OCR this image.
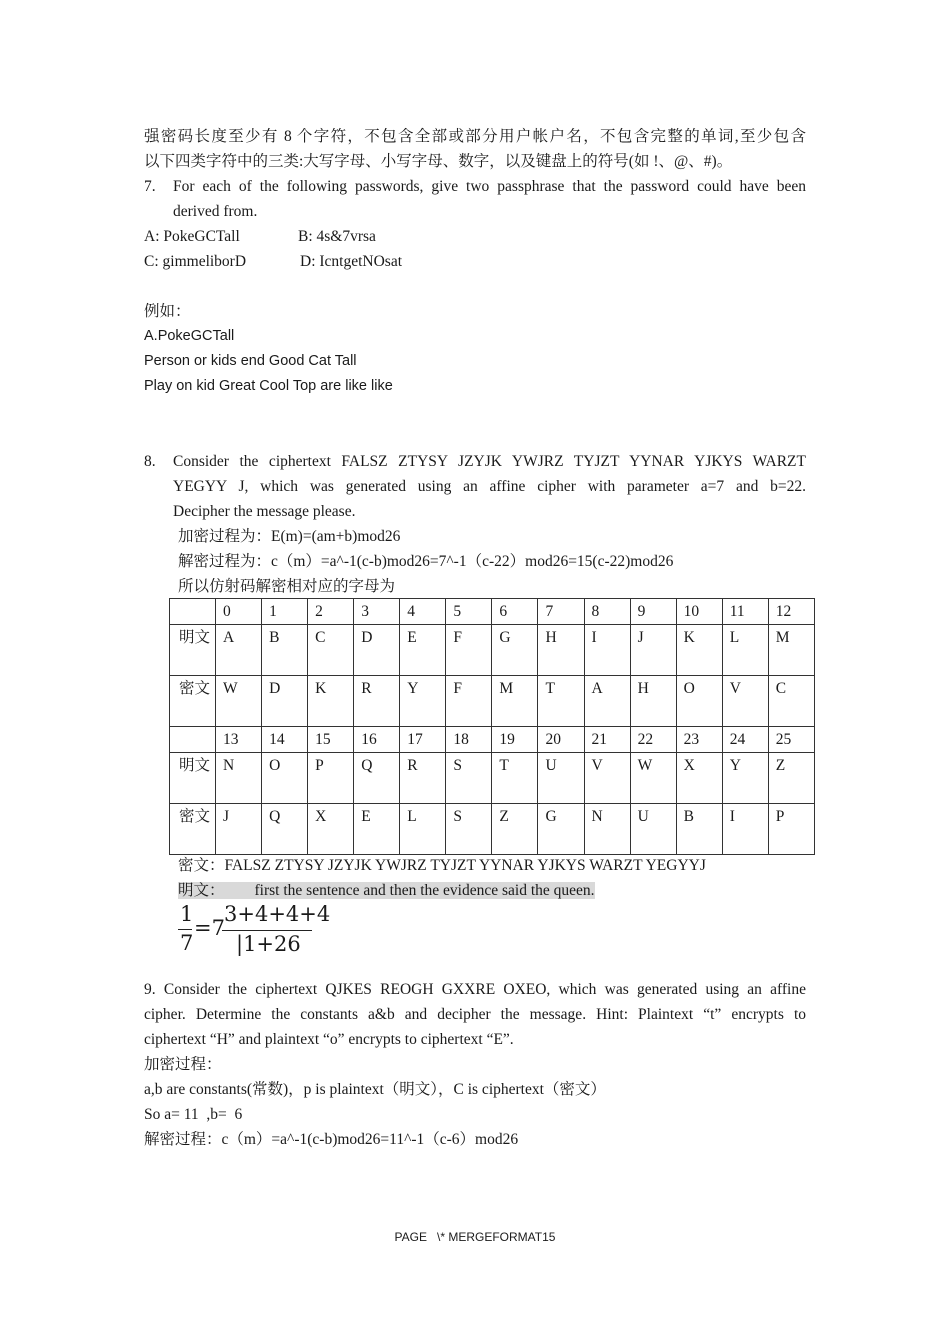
强密码长度至少有 8 个字符，不包含全部或部分用户帐户名，不包含完整的单词,至少包含
以下四类字符中的三类:大写字母、小写字母、数字，以及键盘上的符号(如 !、@、#)。
7. For each of the following passwords, give two passphrase that the password could have been
derived from.
A: PokeGCTall	B: 4s&7vrsa
C: gimmeliborD	D: IcntgetNOsat
例如：
A.PokeGCTall
Person or kids end Good Cat Tall
Play on kid Great Cool Top are like like
8. Consider the ciphertext FALSZ ZTYSY JZYJK YWJRZ TYJZT YYNAR YJKYS WARZT
YEGYY J, which was generated using an affine cipher with parameter a=7 and b=22.
Decipher the message please.
加密过程为：E(m)=(am+b)mod26
解密过程为：c（m）=a^-1(c-b)mod26=7^-1（c-22）mod26=15(c-22)mod26
所以仿射码解密相对应的字母为
	0	1	2	3	4	5	6	7	8	9	10	11	12
明文	A	B	C	D	E	F	G	H	I	J	K	L	M
密文	W	D	K	R	Y	F	M	T	A	H	O	V	C
	13	14	15	16	17	18	19	20	21	22	23	24	25
明文	N	O	P	Q	R	S	T	U	V	W	X	Y	Z
密文	J	Q	X	E	L	S	Z	G	N	U	B	I	P
密文：FALSZ ZTYSY JZYJK YWJRZ TYJZT YYNAR YJKYS WARZT YEGYYJ
明文： first the sentence and then the evidence said the queen.
1
7
=7
3+4+4+4
|1+26
9. Consider the ciphertext QJKES REOGH GXXRE OXEO, which was generated using an affine
cipher. Determine the constants a&b and decipher the message. Hint: Plaintext “t” encrypts to
ciphertext “H” and plaintext “o” encrypts to ciphertext “E”.
加密过程：
a,b are constants(常数)，p is plaintext（明文），C is ciphertext（密文）
So a= 11  ,b=  6
解密过程：c（m）=a^-1(c-b)mod26=11^-1（c-6）mod26
PAGE   \* MERGEFORMAT15
